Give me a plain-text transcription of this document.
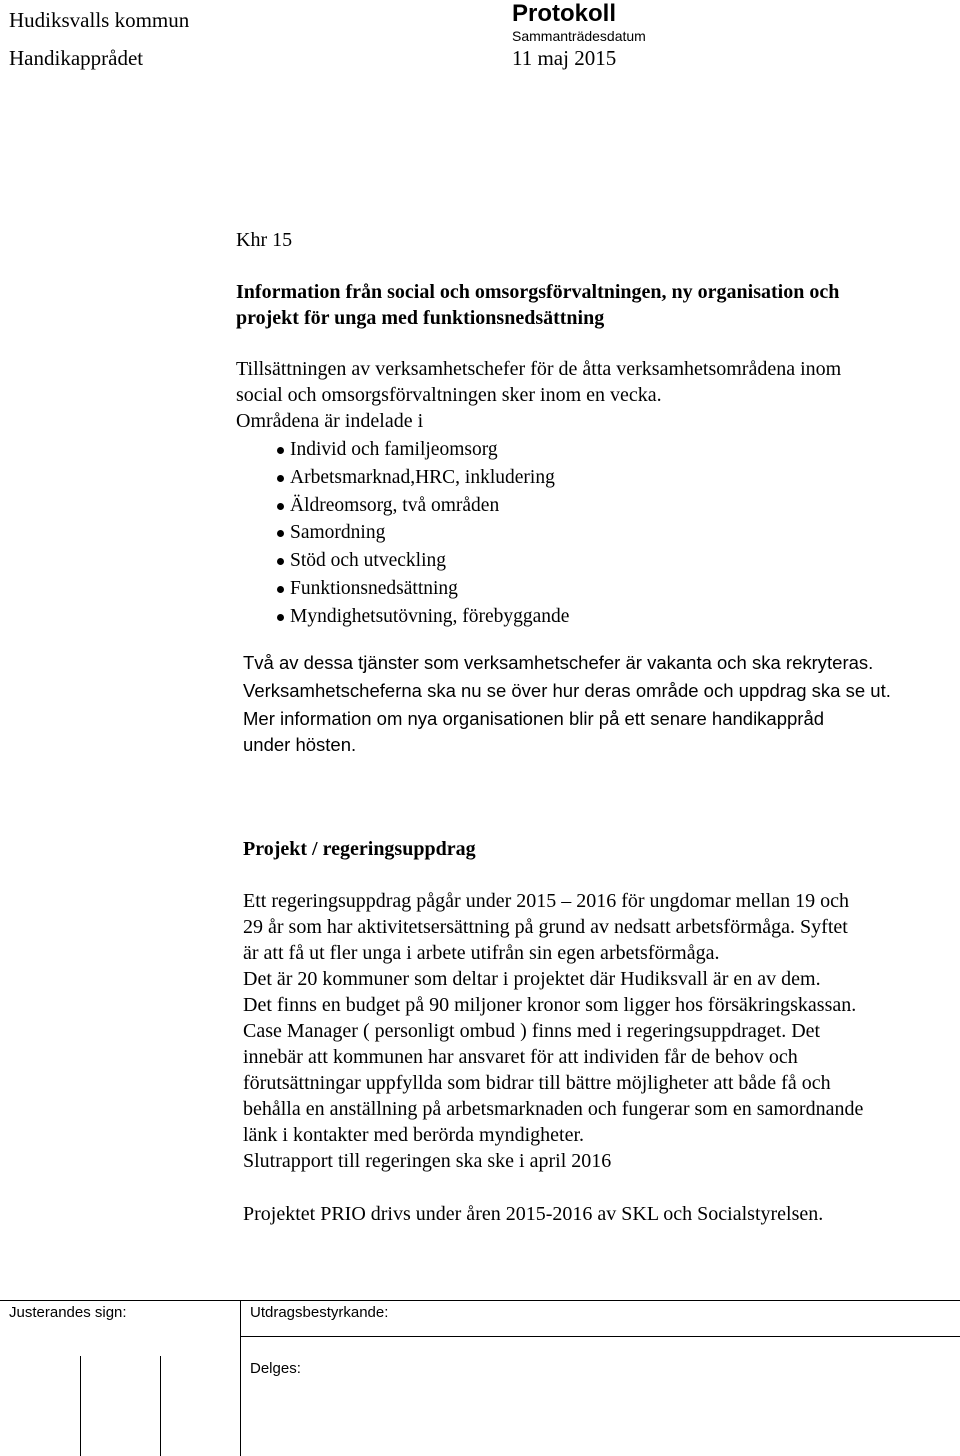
Hudiksvalls kommun
Handikapprådet
Protokoll
Sammanträdesdatum
11 maj 2015
Khr 15
Information från social och omsorgsförvaltningen, ny organisation och
projekt för unga med funktionsnedsättning
Tillsättningen av verksamhetschefer för de åtta verksamhetsområdena inom
social och omsorgsförvaltningen sker inom en vecka.
Områdena är indelade i
Individ och familjeomsorg
Arbetsmarknad,HRC, inkludering
Äldreomsorg, två områden
Samordning
Stöd och utveckling
Funktionsnedsättning
Myndighetsutövning, förebyggande
Två av dessa tjänster som verksamhetschefer är vakanta och ska rekryteras.
Verksamhetscheferna ska nu se över hur deras område och uppdrag ska se ut.
Mer information om nya organisationen blir på ett senare handikappråd
under hösten.
Projekt / regeringsuppdrag
Ett regeringsuppdrag pågår under 2015 – 2016 för ungdomar mellan 19 och
29 år som har aktivitetsersättning på grund av nedsatt arbetsförmåga. Syftet
är att få ut fler unga i arbete utifrån sin egen arbetsförmåga.
Det är 20 kommuner som deltar i projektet där Hudiksvall är en av dem.
Det finns en budget på 90 miljoner kronor som ligger hos försäkringskassan.
Case Manager ( personligt ombud ) finns med i regeringsuppdraget. Det
innebär att kommunen har ansvaret för att individen får de behov och
förutsättningar uppfyllda som bidrar till bättre möjligheter att både få och
behålla en anställning på arbetsmarknaden och fungerar som en samordnande
länk i kontakter med berörda myndigheter.
Slutrapport till regeringen ska ske i april 2016
Projektet PRIO drivs under åren 2015-2016 av SKL och Socialstyrelsen.
Justerandes sign:	Utdragsbestyrkande:
Delges:
